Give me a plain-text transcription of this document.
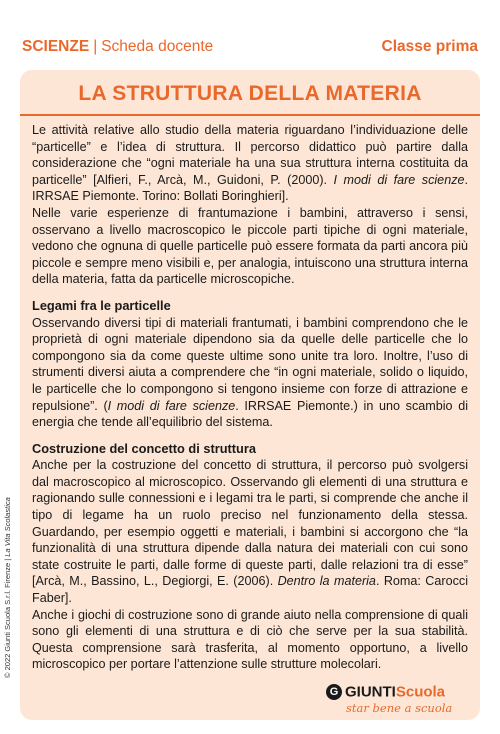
SCIENZE | Scheda docente	Classe prima
LA STRUTTURA DELLA MATERIA

Le attività relative allo studio della materia riguardano l’individuazione delle “particelle” e l’idea di struttura. Il percorso didattico può partire dalla considerazione che “ogni materiale ha una sua struttura interna costituita da particelle” [Alfieri, F., Arcà, M., Guidoni, P. (2000). I modi di fare scienze. IRRSAE Piemonte. Torino: Bollati Boringhieri].

Nelle varie esperienze di frantumazione i bambini, attraverso i sensi, osservano a livello macroscopico le piccole parti tipiche di ogni materiale, vedono che ognuna di quelle particelle può essere formata da parti ancora più piccole e sempre meno visibili e, per analogia, intuiscono una struttura interna della materia, fatta da particelle microscopiche.

Legami fra le particelle

Osservando diversi tipi di materiali frantumati, i bambini comprendono che le proprietà di ogni materiale dipendono sia da quelle delle particelle che lo compongono sia da come queste ultime sono unite tra loro. Inoltre, l’uso di strumenti diversi aiuta a comprendere che “in ogni materiale, solido o liquido, le particelle che lo compongono si tengono insieme con forze di attrazione e repulsione”. (I modi di fare scienze. IRRSAE Piemonte.) in uno scambio di energia che tende all’equilibrio del sistema.

Costruzione del concetto di struttura

Anche per la costruzione del concetto di struttura, il percorso può svolgersi dal macroscopico al microscopico. Osservando gli elementi di una struttura e ragionando sulle connessioni e i legami tra le parti, si comprende che anche il tipo di legame ha un ruolo preciso nel funzionamento della stessa. Guardando, per esempio oggetti e materiali, i bambini si accorgono che “la funzionalità di una struttura dipende dalla natura dei materiali con cui sono state costruite le parti, dalle forme di queste parti, dalle relazioni tra di esse” [Arcà, M., Bassino, L., Degiorgi, E. (2006). Dentro la materia. Roma: Carocci Faber].

Anche i giochi di costruzione sono di grande aiuto nella comprensione di quali sono gli elementi di una struttura e di ciò che serve per la sua stabilità. Questa comprensione sarà trasferita, al momento opportuno, a livello microscopico per portare l’attenzione sulle strutture molecolari.

© 2022 Giunti Scuola S.r.l. Firenze | La Vita Scolastica
G GIUNTIScuola
star bene a scuola
